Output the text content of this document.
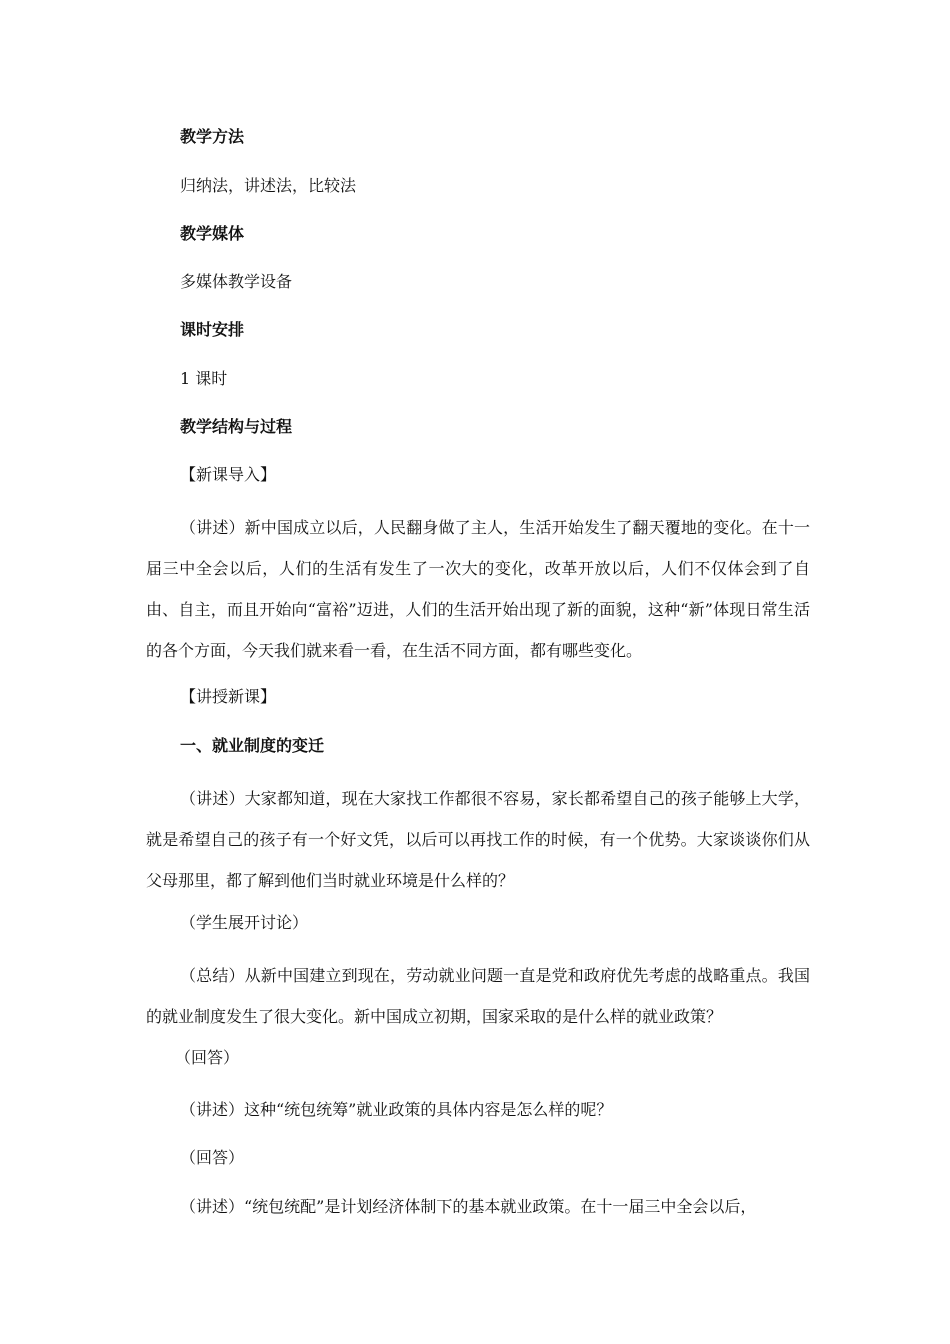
教学方法
归纳法，讲述法，比较法
教学媒体
多媒体教学设备
课时安排
1 课时
教学结构与过程
【新课导入】

（讲述）新中国成立以后，人民翻身做了主人，生活开始发生了翻天覆地的变化。在十一届三中全会以后，人们的生活有发生了一次大的变化，改革开放以后，人们不仅体会到了自由、自主，而且开始向“富裕”迈进，人们的生活开始出现了新的面貌，这种“新”体现日常生活的各个方面，今天我们就来看一看，在生活不同方面，都有哪些变化。

【讲授新课】
一、就业制度的变迁

（讲述）大家都知道，现在大家找工作都很不容易，家长都希望自己的孩子能够上大学，就是希望自己的孩子有一个好文凭，以后可以再找工作的时候，有一个优势。大家谈谈你们从父母那里，都了解到他们当时就业环境是什么样的？

（学生展开讨论）

（总结）从新中国建立到现在，劳动就业问题一直是党和政府优先考虑的战略重点。我国的就业制度发生了很大变化。新中国成立初期，国家采取的是什么样的就业政策？

（回答）
（讲述）这种“统包统筹”就业政策的具体内容是怎么样的呢？
（回答）
（讲述）“统包统配”是计划经济体制下的基本就业政策。在十一届三中全会以后，
